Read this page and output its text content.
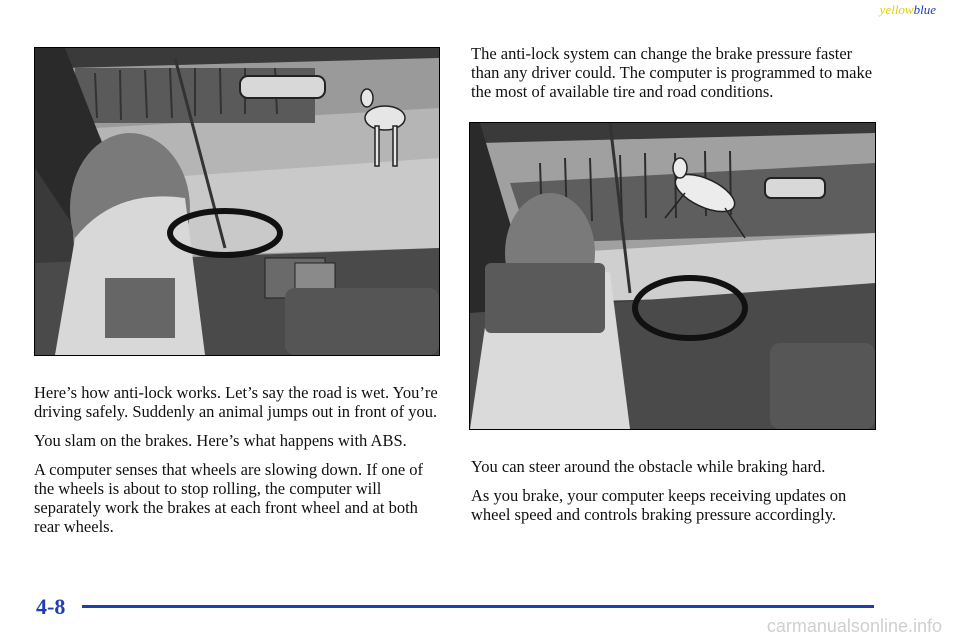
yellowblue

The anti-lock system can change the brake pressure faster than any driver could. The computer is programmed to make the most of available tire and road conditions.

Here’s how anti-lock works. Let’s say the road is wet. You’re driving safely. Suddenly an animal jumps out in front of you.

You slam on the brakes. Here’s what happens with ABS.

A computer senses that wheels are slowing down. If one of the wheels is about to stop rolling, the computer will separately work the brakes at each front wheel and at both rear wheels.

You can steer around the obstacle while braking hard.

As you brake, your computer keeps receiving updates on wheel speed and controls braking pressure accordingly.

4-8
carmanualsonline.info
